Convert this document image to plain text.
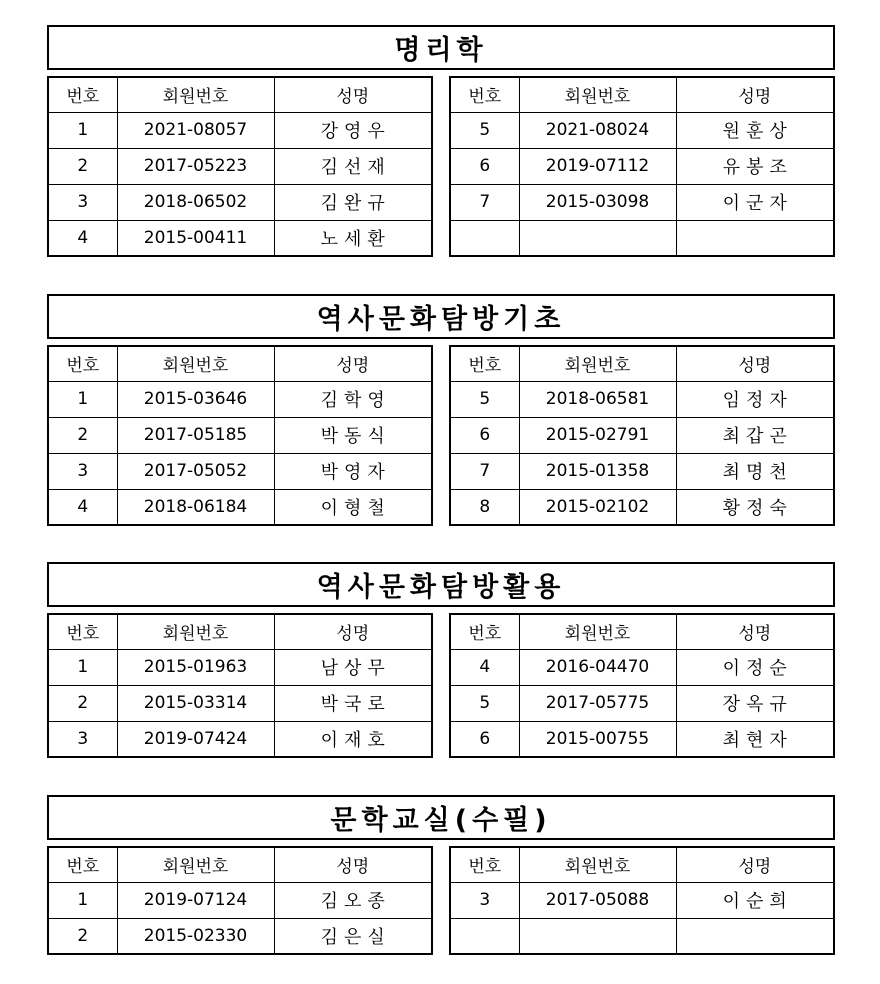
명리학
번호	회원번호	성명
1	2021-08057	강영우
2	2017-05223	김선재
3	2018-06502	김완규
4	2015-00411	노세환
번호	회원번호	성명
5	2021-08024	원훈상
6	2019-07112	유봉조
7	2015-03098	이군자

역사문화탐방기초
번호	회원번호	성명
1	2015-03646	김학영
2	2017-05185	박동식
3	2017-05052	박영자
4	2018-06184	이형철
번호	회원번호	성명
5	2018-06581	임정자
6	2015-02791	최갑곤
7	2015-01358	최명천
8	2015-02102	황정숙
역사문화탐방활용
번호	회원번호	성명
1	2015-01963	남상무
2	2015-03314	박국로
3	2019-07424	이재호
번호	회원번호	성명
4	2016-04470	이정순
5	2017-05775	장옥규
6	2015-00755	최현자
문학교실(수필)
번호	회원번호	성명
1	2019-07124	김오종
2	2015-02330	김은실
번호	회원번호	성명
3	2017-05088	이순희
